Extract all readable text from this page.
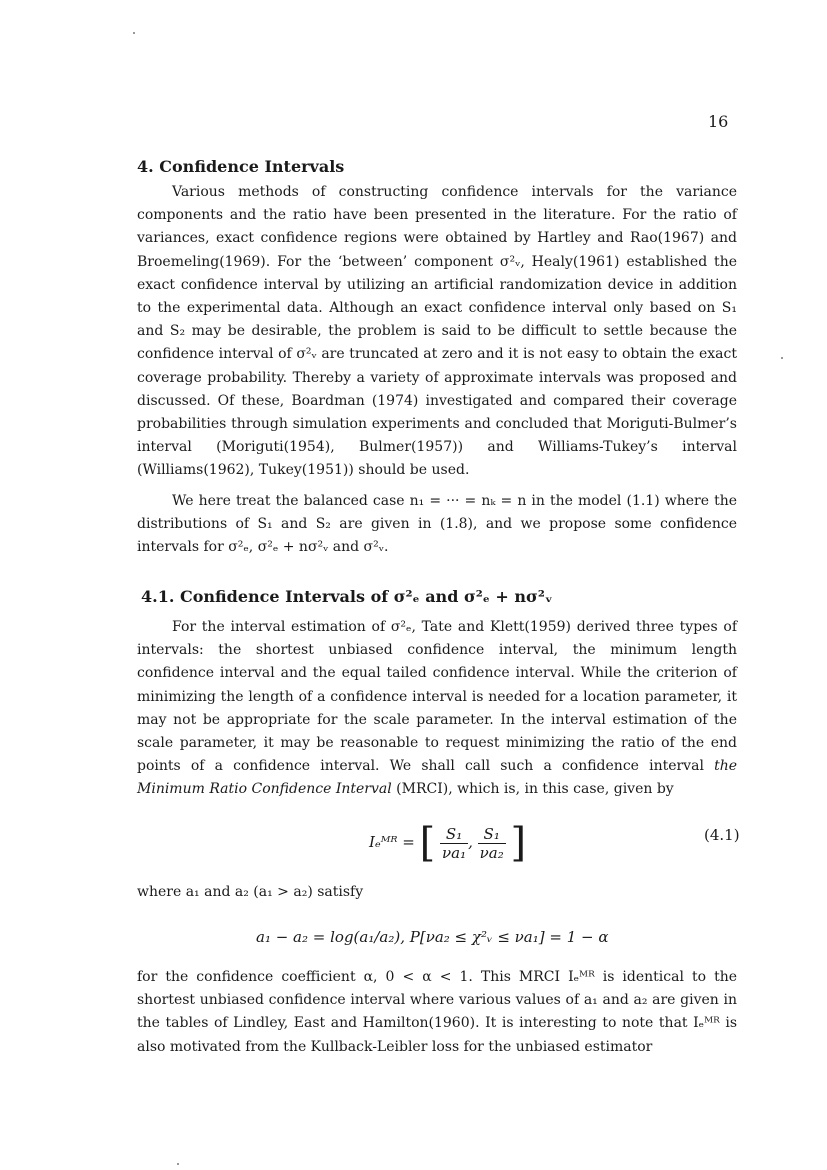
16
4. Confidence Intervals

Various methods of constructing confidence intervals for the variance components and the ratio have been presented in the literature. For the ratio of variances, exact confidence regions were obtained by Hartley and Rao(1967) and Broemeling(1969). For the ‘between’ component σ²ᵥ, Healy(1961) established the exact confidence interval by utilizing an artificial randomization device in addition to the experimental data. Although an exact confidence interval only based on S₁ and S₂ may be desirable, the problem is said to be difficult to settle because the confidence interval of σ²ᵥ are truncated at zero and it is not easy to obtain the exact coverage probability. Thereby a variety of approximate intervals was proposed and discussed. Of these, Boardman (1974) investigated and compared their coverage probabilities through simulation experiments and concluded that Moriguti-Bulmer’s interval (Moriguti(1954), Bulmer(1957)) and Williams-Tukey’s interval (Williams(1962), Tukey(1951)) should be used.

We here treat the balanced case n₁ = ··· = nₖ = n in the model (1.1) where the distributions of S₁ and S₂ are given in (1.8), and we propose some confidence intervals for σ²ₑ, σ²ₑ + nσ²ᵥ and σ²ᵥ.

4.1. Confidence Intervals of σ²ₑ and σ²ₑ + nσ²ᵥ

For the interval estimation of σ²ₑ, Tate and Klett(1959) derived three types of intervals: the shortest unbiased confidence interval, the minimum length confidence interval and the equal tailed confidence interval. While the criterion of minimizing the length of a confidence interval is needed for a location parameter, it may not be appropriate for the scale parameter. In the interval estimation of the scale parameter, it may be reasonable to request minimizing the ratio of the end points of a confidence interval. We shall call such a confidence interval the Minimum Ratio Confidence Interval (MRCI), which is, in this case, given by

Iₑᴹᴿ = [ $\frac{\text{S₁}}{\text{νa₁}}$ , $\frac{\text{S₁}}{\text{νa₂}}$ ]	(4.1)

where a₁ and a₂ (a₁ > a₂) satisfy

a₁ − a₂ = log(a₁/a₂), P[νa₂ ≤ χ²ᵥ ≤ νa₁] = 1 − α

for the confidence coefficient α, 0 < α < 1. This MRCI Iₑᴹᴿ is identical to the shortest unbiased confidence interval where various values of a₁ and a₂ are given in the tables of Lindley, East and Hamilton(1960). It is interesting to note that Iₑᴹᴿ is also motivated from the Kullback-Leibler loss for the unbiased estimator
